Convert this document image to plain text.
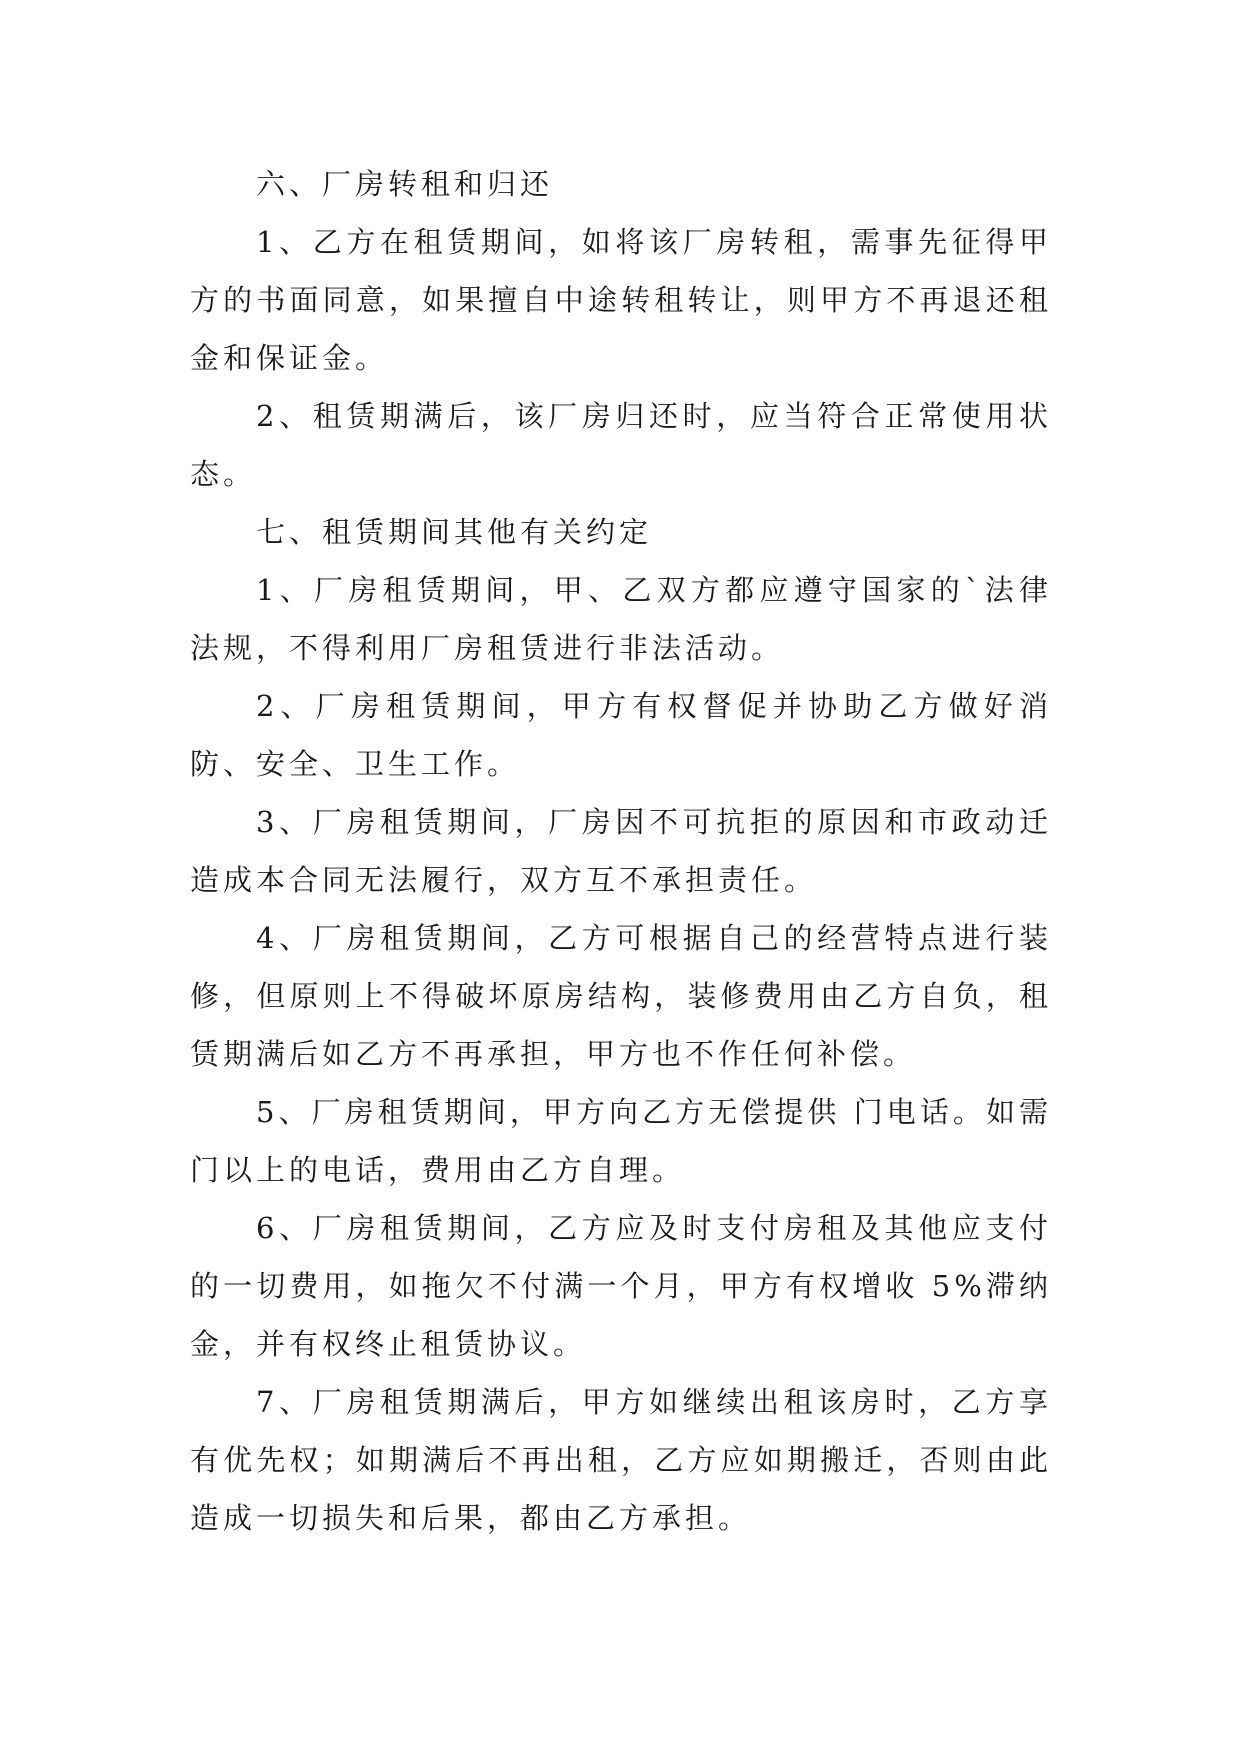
六、厂房转租和归还

1、乙方在租赁期间，如将该厂房转租，需事先征得甲方的书面同意，如果擅自中途转租转让，则甲方不再退还租金和保证金。

2、租赁期满后，该厂房归还时，应当符合正常使用状态。

七、租赁期间其他有关约定

1、厂房租赁期间，甲、乙双方都应遵守国家的`法律法规，不得利用厂房租赁进行非法活动。

2、厂房租赁期间，甲方有权督促并协助乙方做好消防、安全、卫生工作。

3、厂房租赁期间，厂房因不可抗拒的原因和市政动迁造成本合同无法履行，双方互不承担责任。

4、厂房租赁期间，乙方可根据自己的经营特点进行装修，但原则上不得破坏原房结构，装修费用由乙方自负，租赁期满后如乙方不再承担，甲方也不作任何补偿。

5、厂房租赁期间，甲方向乙方无偿提供 门电话。如需门以上的电话，费用由乙方自理。

6、厂房租赁期间，乙方应及时支付房租及其他应支付的一切费用，如拖欠不付满一个月，甲方有权增收 5%滞纳金，并有权终止租赁协议。

7、厂房租赁期满后，甲方如继续出租该房时，乙方享有优先权；如期满后不再出租，乙方应如期搬迁，否则由此造成一切损失和后果，都由乙方承担。
